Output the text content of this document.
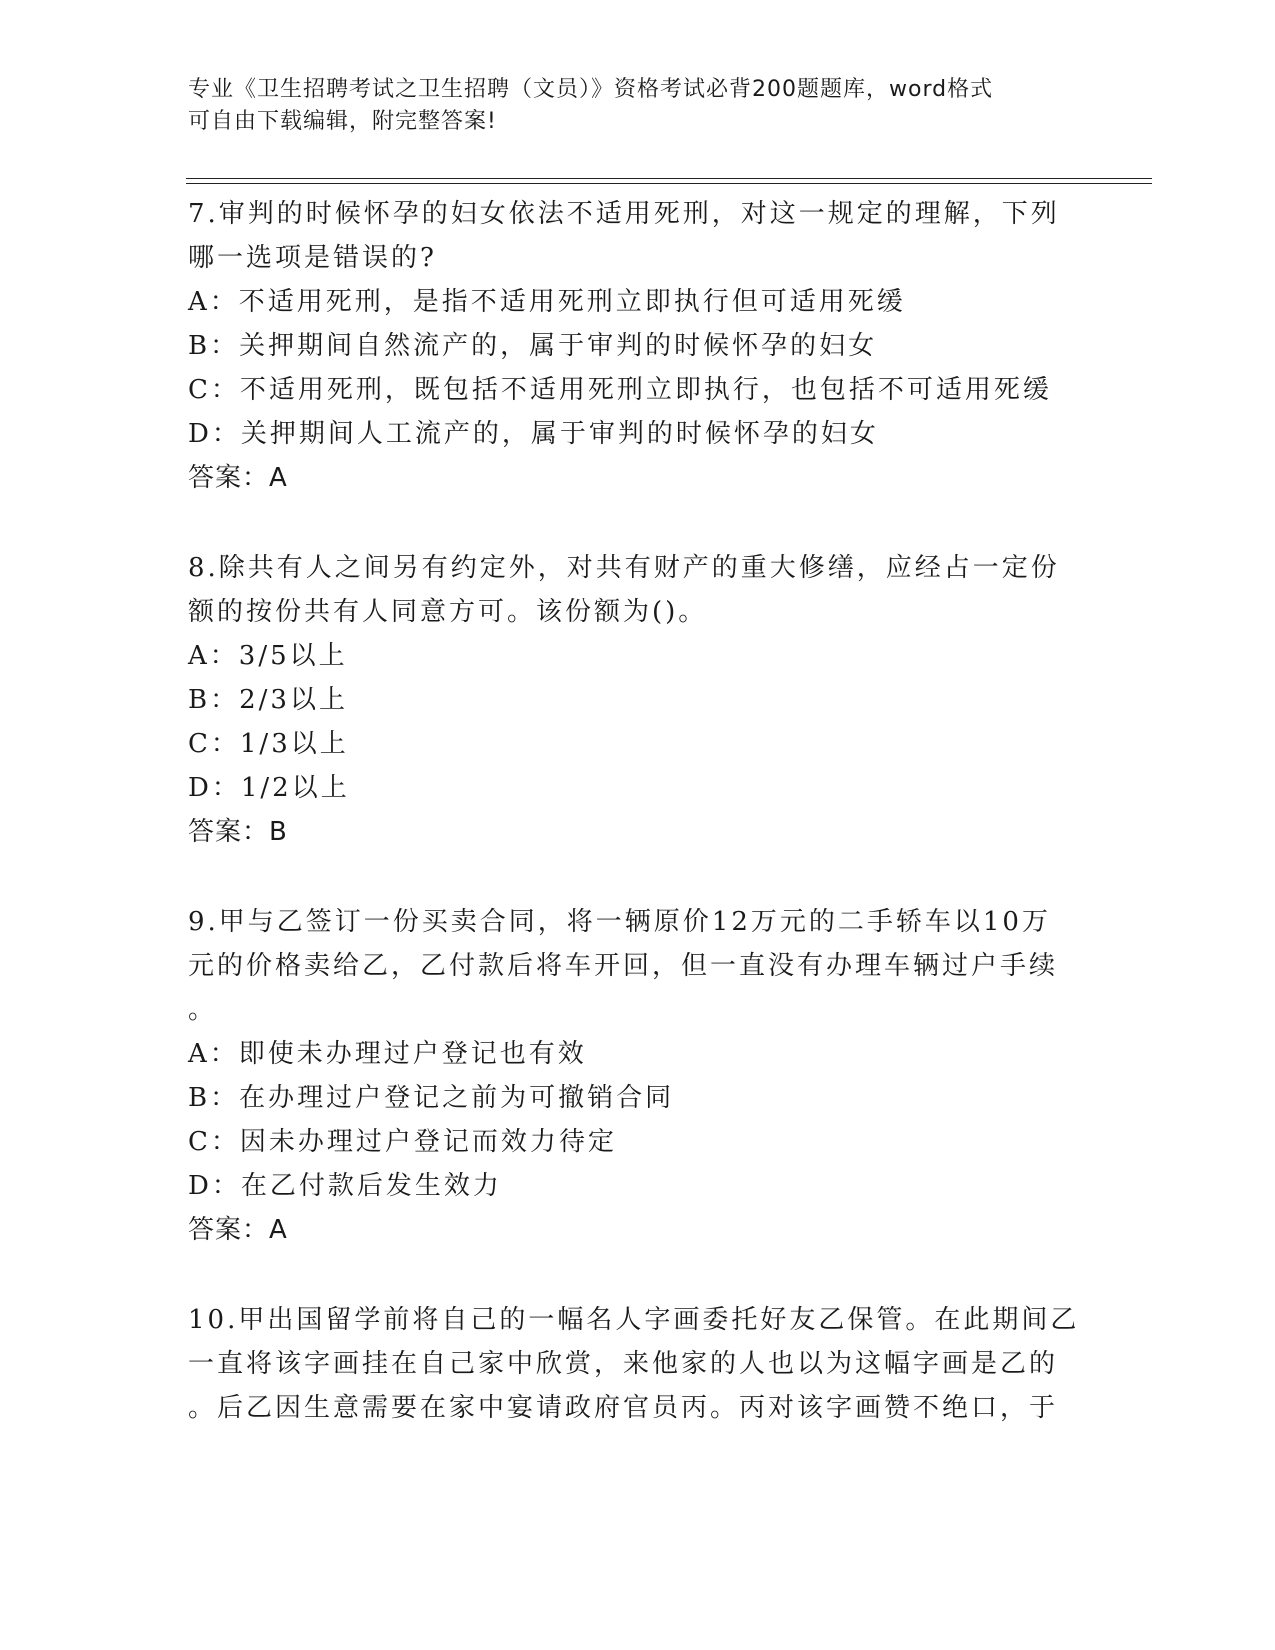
专业《卫生招聘考试之卫生招聘（文员）》资格考试必背200题题库，word格式
可自由下载编辑，附完整答案!
7.审判的时候怀孕的妇女依法不适用死刑，对这一规定的理解，下列
哪一选项是错误的?
A：不适用死刑，是指不适用死刑立即执行但可适用死缓
B：关押期间自然流产的，属于审判的时候怀孕的妇女
C：不适用死刑，既包括不适用死刑立即执行，也包括不可适用死缓
D：关押期间人工流产的，属于审判的时候怀孕的妇女
答案：A
8.除共有人之间另有约定外，对共有财产的重大修缮，应经占一定份
额的按份共有人同意方可。该份额为()。
A：3/5以上
B：2/3以上
C：1/3以上
D：1/2以上
答案：B
9.甲与乙签订一份买卖合同，将一辆原价12万元的二手轿车以10万
元的价格卖给乙，乙付款后将车开回，但一直没有办理车辆过户手续
。
A：即使未办理过户登记也有效
B：在办理过户登记之前为可撤销合同
C：因未办理过户登记而效力待定
D：在乙付款后发生效力
答案：A
10.甲出国留学前将自己的一幅名人字画委托好友乙保管。在此期间乙
一直将该字画挂在自己家中欣赏，来他家的人也以为这幅字画是乙的
。后乙因生意需要在家中宴请政府官员丙。丙对该字画赞不绝口，于
